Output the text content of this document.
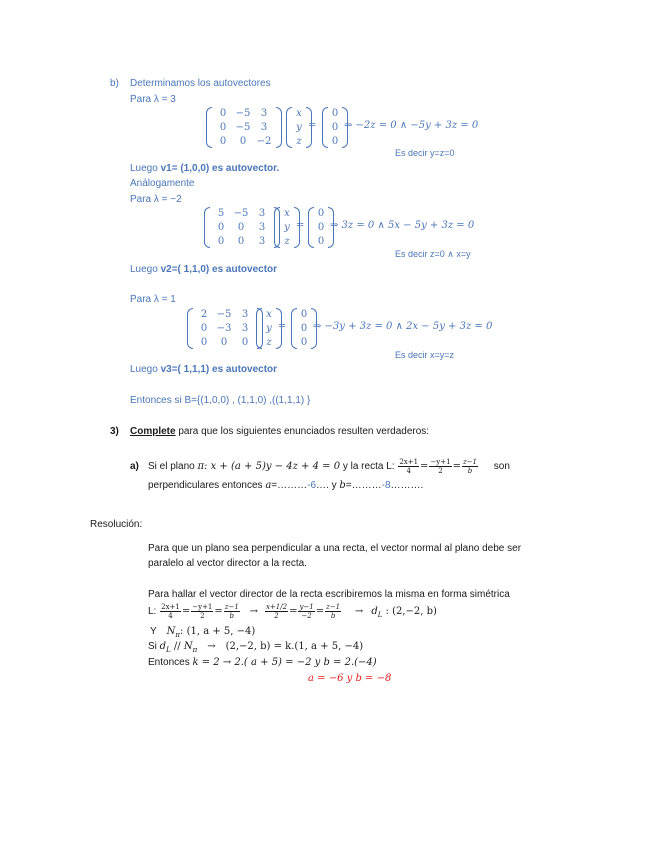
b) Determinamos los autovectores
Para λ = 3
0 −5	3
0 −5	3
0	0	−2
x
y
z
=
0
0
0
⇒ −2z = 0 ∧ −5y + 3z = 0
Es decir y=z=0
Luego v1= (1,0,0) es autovector.
Análogamente
Para λ = −2
5 −5	3
0	0	3
0	0	3
x
y
z
=
0
0
0
⇒ 3z = 0 ∧ 5x − 5y + 3z = 0
Es decir z=0 ∧ x=y
Luego v2=( 1,1,0) es autovector
Para λ = 1
2 −5	3
0 −3	3
0	0	0
x
y
z
=
0
0
0
⇒ −3y + 3z = 0 ∧ 2x − 5y + 3z = 0
Es decir x=y=z
Luego v3=( 1,1,1) es autovector
Entonces si B={(1,0,0) , (1,1,0) ,((1,1,1) }
3) Complete para que los siguientes enunciados resulten verdaderos:
a) Si el plano π: x + (a + 5)y − 4z + 4 = 0 y la recta L: $\frac{2x+1}{4} = \frac{-y+1}{2} = \frac{z-1}{b}$ son
perpendiculares entonces a=………-6…. y b=………-8……….
Resolución:
Para que un plano sea perpendicular a una recta, el vector normal al plano debe ser
paralelo al vector director a la recta.
Para hallar el vector director de la recta escribiremos la misma en forma simétrica
L: $\frac{2x+1}{4} = \frac{-y+1}{2} = \frac{z-1}{b} \to \frac{x+1/2}{2} = \frac{y-1}{-2} = \frac{z-1}{b} \to d_L$ : (2,−2, b)
Y $N_\pi$: (1, a + 5, −4)
Si $d_L // N_\pi \to (2,-2$, b) = k.(1, a + 5, −4)
Entonces k = 2 → 2.( a + 5) = −2 y b = 2.(−4)
a = −6 y b = −8
